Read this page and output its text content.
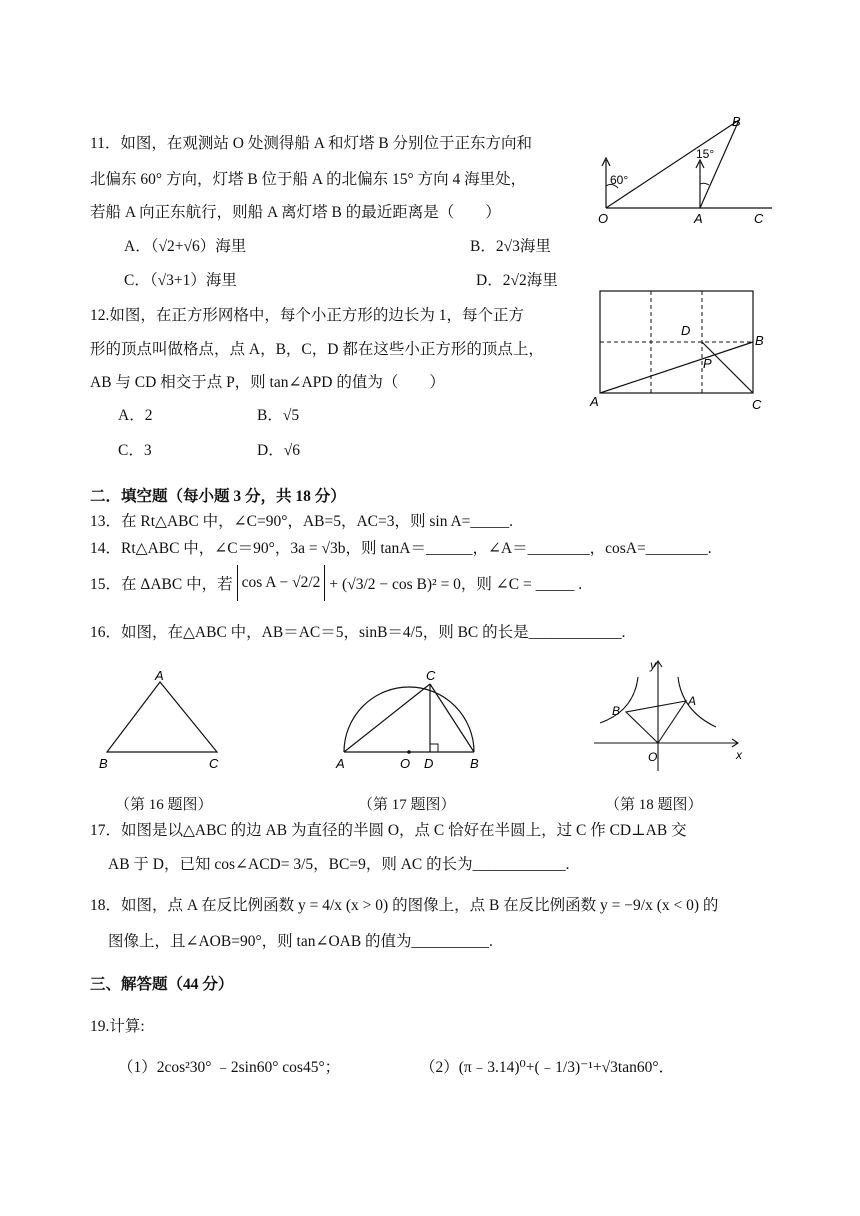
11．如图，在观测站 O 处测得船 A 和灯塔 B 分别位于正东方向和
北偏东 60° 方向，灯塔 B 位于船 A 的北偏东 15° 方向 4 海里处，
若船 A 向正东航行，则船 A 离灯塔 B 的最近距离是（　　）
A．（√2+√6）海里	B．2√3海里
C．（√3+1）海里	D．2√2海里
B
15°
60°
O	A	C
12.如图，在正方形网格中，每个小正方形的边长为 1，每个正方
形的顶点叫做格点，点 A，B，C，D 都在这些小正方形的顶点上，
AB 与 CD 相交于点 P，则 tan∠APD 的值为（　　）
A．2	B．√5
C．3	D．√6
D
B
P
A	C
二．填空题（每小题 3 分，共 18 分）
13．在 Rt△ABC 中，∠C=90°，AB=5，AC=3，则 sin A=_____.
14．Rt△ABC 中，∠C＝90°，3a = √3b，则 tanA＝______，∠A＝________，cosA=________.
15．在 ΔABC 中，若 cos A − √2/2 + (√3/2 − cos B)² = 0，则 ∠C = _____ .
16．如图，在△ABC 中，AB＝AC＝5，sinB＝4/5，则 BC 的长是____________.
A
B	C
（第 16 题图）
C
A	O D	B
（第 17 题图）
y
x
A
B
O
（第 18 题图）
17．如图是以△ABC 的边 AB 为直径的半圆 O，点 C 恰好在半圆上，过 C 作 CD⊥AB 交
AB 于 D，已知 cos∠ACD= 3/5，BC=9，则 AC 的长为____________.
18．如图，点 A 在反比例函数 y = 4/x (x > 0) 的图像上，点 B 在反比例函数 y = −9/x (x < 0) 的
图像上，且∠AOB=90°，则 tan∠OAB 的值为__________.
三、解答题（44 分）
19.计算:
（1）2cos²30° ﹣2sin60° cos45°；	（2）(π﹣3.14)⁰+(﹣1/3)⁻¹+√3tan60°．
